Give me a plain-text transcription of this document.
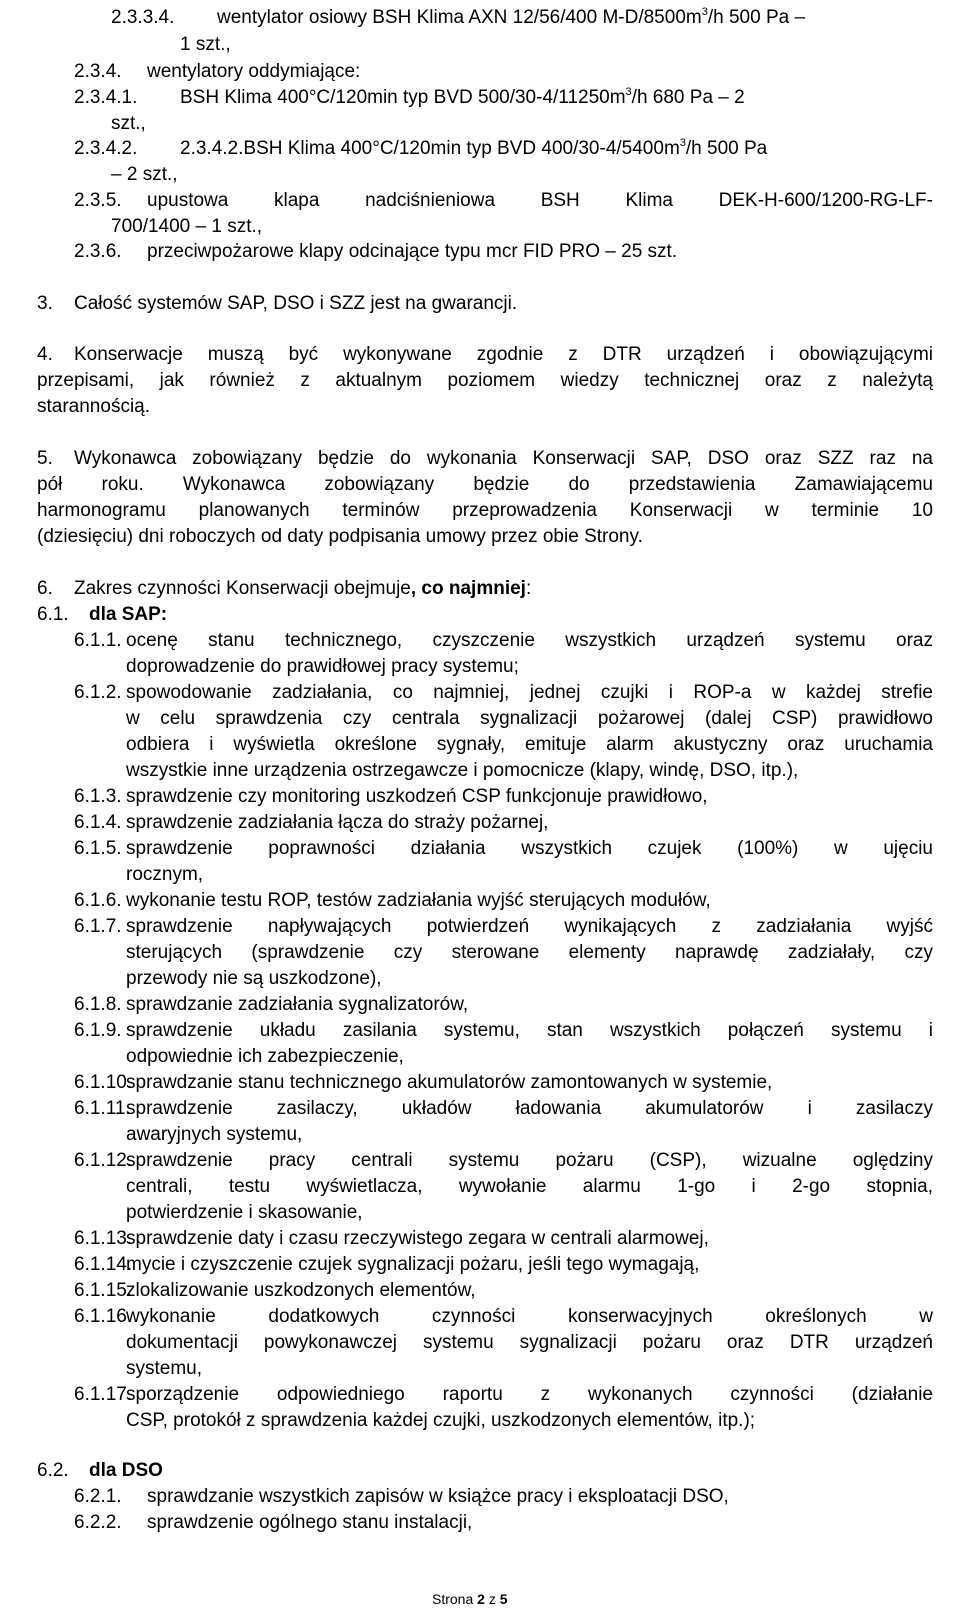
2.3.3.4. wentylator osiowy BSH Klima AXN 12/56/400 $M-D/8500m^3/h$ 500 Pa –
1 szt.,
2.3.4. wentylatory oddymiające:
2.3.4.1. BSH Klima 400°C/120min typ BVD $500/30-4/11250m^3/h$ 680 Pa – 2
szt.,
2.3.4.2. 2.3.4.2.BSH Klima 400°C/120min typ BVD $400/30-4/5400m^3/h$ 500 Pa
– 2 szt.,
2.3.5. upustowa klapa nadciśnieniowa BSH Klima DEK-H-600/1200-RG-LF-
700/1400 – 1 szt.,
2.3.6. przeciwpożarowe klapy odcinające typu mcr FID PRO – 25 szt.
3. Całość systemów SAP, DSO i SZZ jest na gwarancji.
4. Konserwacje muszą być wykonywane zgodnie z DTR urządzeń i obowiązującymi
przepisami, jak również z aktualnym poziomem wiedzy technicznej oraz z należytą
starannością.
5. Wykonawca zobowiązany będzie do wykonania Konserwacji SAP, DSO oraz SZZ raz na
pół roku. Wykonawca zobowiązany będzie do przedstawienia Zamawiającemu
harmonogramu planowanych terminów przeprowadzenia Konserwacji w terminie 10
(dziesięciu) dni roboczych od daty podpisania umowy przez obie Strony.
6. Zakres czynności Konserwacji obejmuje, co najmniej:
6.1. dla SAP:
6.1.1. ocenę stanu technicznego, czyszczenie wszystkich urządzeń systemu oraz
doprowadzenie do prawidłowej pracy systemu;
6.1.2. spowodowanie zadziałania, co najmniej, jednej czujki i ROP-a w każdej strefie
w celu sprawdzenia czy centrala sygnalizacji pożarowej (dalej CSP) prawidłowo
odbiera i wyświetla określone sygnały, emituje alarm akustyczny oraz uruchamia
wszystkie inne urządzenia ostrzegawcze i pomocnicze (klapy, windę, DSO, itp.),
6.1.3. sprawdzenie czy monitoring uszkodzeń CSP funkcjonuje prawidłowo,
6.1.4. sprawdzenie zadziałania łącza do straży pożarnej,
6.1.5. sprawdzenie poprawności działania wszystkich czujek (100%) w ujęciu
rocznym,
6.1.6. wykonanie testu ROP, testów zadziałania wyjść sterujących modułów,
6.1.7. sprawdzenie napływających potwierdzeń wynikających z zadziałania wyjść
sterujących (sprawdzenie czy sterowane elementy naprawdę zadziałały, czy
przewody nie są uszkodzone),
6.1.8. sprawdzanie zadziałania sygnalizatorów,
6.1.9. sprawdzenie układu zasilania systemu, stan wszystkich połączeń systemu i
odpowiednie ich zabezpieczenie,
6.1.10.
sprawdzanie stanu technicznego akumulatorów zamontowanych w systemie,
6.1.11.
sprawdzenie zasilaczy, układów ładowania akumulatorów i zasilaczy
awaryjnych systemu,
6.1.12.
sprawdzenie pracy centrali systemu pożaru (CSP), wizualne oględziny
centrali, testu wyświetlacza, wywołanie alarmu 1-go i 2-go stopnia,
potwierdzenie i skasowanie,
6.1.13.
sprawdzenie daty i czasu rzeczywistego zegara w centrali alarmowej,
6.1.14.
mycie i czyszczenie czujek sygnalizacji pożaru, jeśli tego wymagają,
6.1.15.
zlokalizowanie uszkodzonych elementów,
6.1.16.
wykonanie dodatkowych czynności konserwacyjnych określonych w
dokumentacji powykonawczej systemu sygnalizacji pożaru oraz DTR urządzeń
systemu,
6.1.17.
sporządzenie odpowiedniego raportu z wykonanych czynności (działanie
CSP, protokół z sprawdzenia każdej czujki, uszkodzonych elementów, itp.);
6.2. dla DSO
6.2.1. sprawdzanie wszystkich zapisów w książce pracy i eksploatacji DSO,
6.2.2. sprawdzenie ogólnego stanu instalacji,
Strona 2 z 5
